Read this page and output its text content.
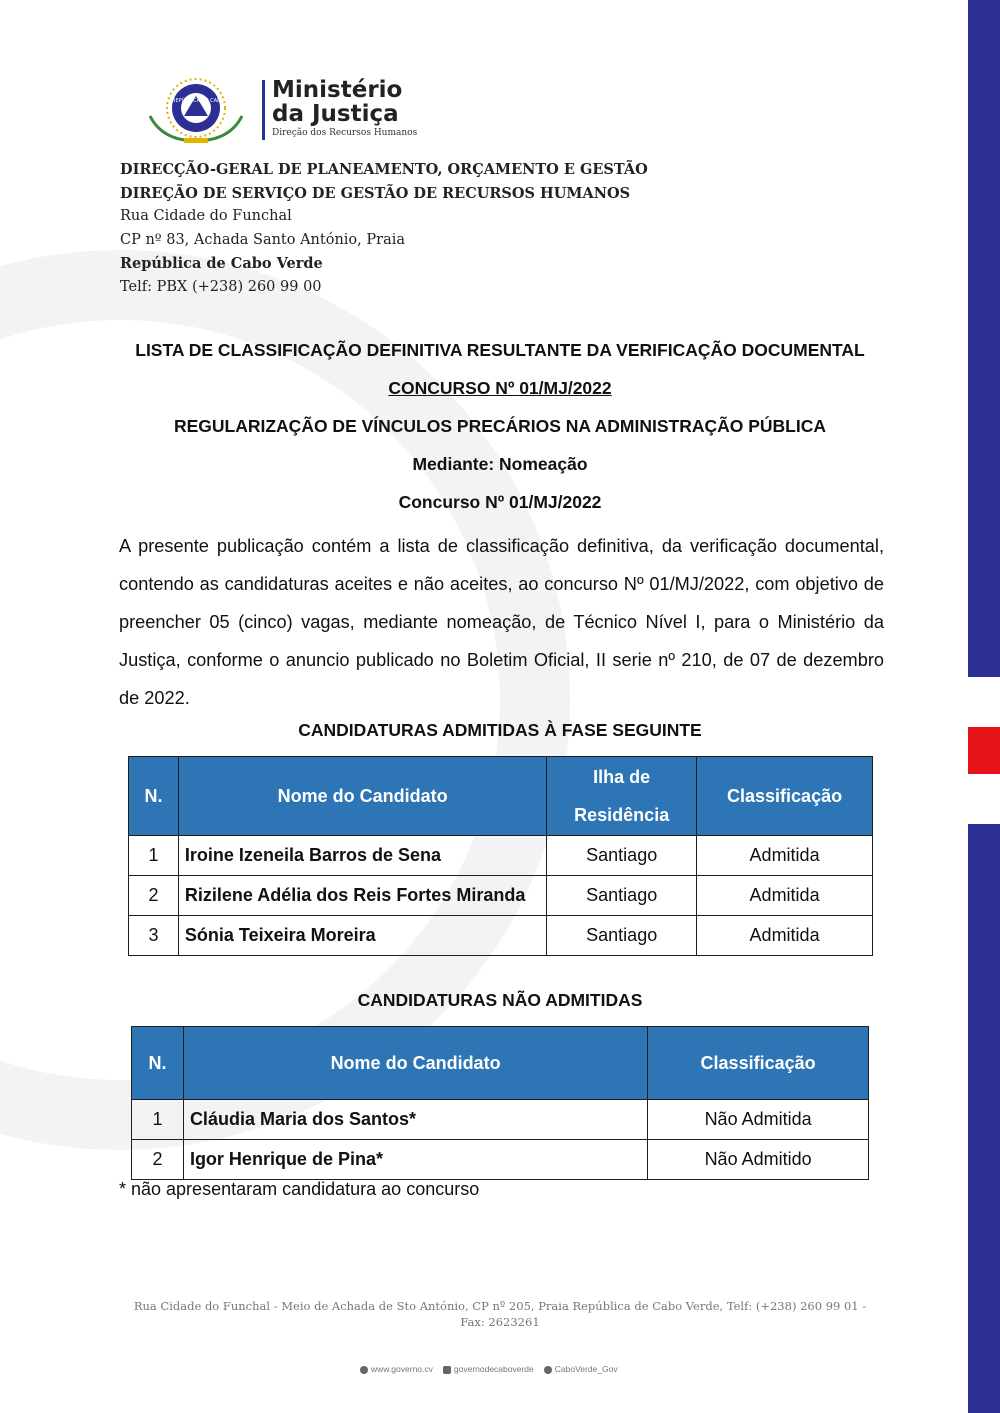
REPÚBLICA DE CABO VERDE Ministério
da Justiça
Direção dos Recursos Humanos
DIRECÇÃO-GERAL DE PLANEAMENTO, ORÇAMENTO E GESTÃO
DIREÇÃO DE SERVIÇO DE GESTÃO DE RECURSOS HUMANOS
Rua Cidade do Funchal
CP nº 83, Achada Santo António, Praia
República de Cabo Verde
Telf: PBX (+238) 260 99 00
LISTA DE CLASSIFICAÇÃO DEFINITIVA RESULTANTE DA VERIFICAÇÃO DOCUMENTAL
CONCURSO Nº 01/MJ/2022
REGULARIZAÇÃO DE VÍNCULOS PRECÁRIOS NA ADMINISTRAÇÃO PÚBLICA
Mediante: Nomeação
Concurso Nº 01/MJ/2022
A presente publicação contém a lista de classificação definitiva, da verificação documental, contendo as candidaturas aceites e não aceites, ao concurso Nº 01/MJ/2022, com objetivo de preencher 05 (cinco) vagas, mediante nomeação, de Técnico Nível I, para o Ministério da Justiça, conforme o anuncio publicado no Boletim Oficial, II serie nº 210, de 07 de dezembro de 2022.
CANDIDATURAS ADMITIDAS À FASE SEGUINTE
N.	Nome do Candidato	Ilha de Residência	Classificação
1	Iroine Izeneila Barros de Sena	Santiago	Admitida
2	Rizilene Adélia dos Reis Fortes Miranda	Santiago	Admitida
3	Sónia Teixeira Moreira	Santiago	Admitida
CANDIDATURAS NÃO ADMITIDAS
N.	Nome do Candidato	Classificação
1	Cláudia Maria dos Santos*	Não Admitida
2	Igor Henrique de Pina*	Não Admitido
* não apresentaram candidatura ao concurso
Rua Cidade do Funchal - Meio de Achada de Sto António, CP nº 205, Praia República de Cabo Verde, Telf: (+238) 260 99 01 - Fax: 2623261
www.governo.cv	governodecaboverde	CaboVerde_Gov
